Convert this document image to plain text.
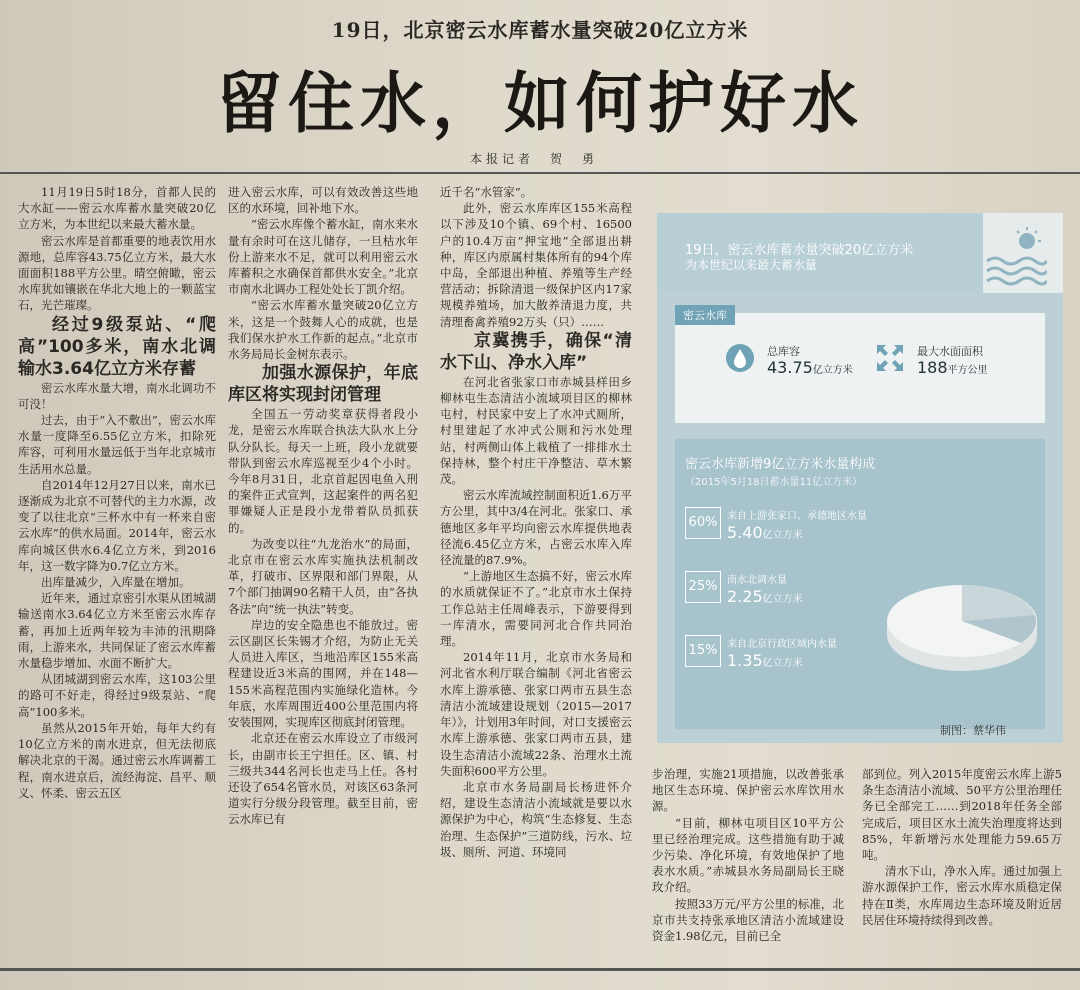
19日，北京密云水库蓄水量突破20亿立方米
留住水，如何护好水
本报记者　贺　勇

11月19日5时18分，首都人民的大水缸——密云水库蓄水量突破20亿立方米，为本世纪以来最大蓄水量。

密云水库是首都重要的地表饮用水源地，总库容43.75亿立方米，最大水面面积188平方公里。晴空俯瞰，密云水库犹如镶嵌在华北大地上的一颗蓝宝石，光芒璀璨。

经过9级泵站、“爬高”100多米，南水北调输水3.64亿立方米存蓄

密云水库水量大增，南水北调功不可没！

过去，由于“入不敷出”，密云水库水量一度降至6.55亿立方米，扣除死库容，可利用水量远低于当年北京城市生活用水总量。

自2014年12月27日以来，南水已逐渐成为北京不可替代的主力水源，改变了以往北京“三杯水中有一杯来自密云水库”的供水局面。2014年，密云水库向城区供水6.4亿立方米，到2016年，这一数字降为0.7亿立方米。

出库量减少，入库量在增加。

近年来，通过京密引水渠从团城湖输送南水3.64亿立方米至密云水库存蓄，再加上近两年较为丰沛的汛期降雨，上游来水，共同保证了密云水库蓄水量稳步增加、水面不断扩大。

从团城湖到密云水库，这103公里的路可不好走，得经过9级泵站、“爬高”100多米。

虽然从2015年开始，每年大约有10亿立方米的南水进京，但无法彻底解决北京的干渴。通过密云水库调蓄工程，南水进京后，流经海淀、昌平、顺义、怀柔、密云五区

进入密云水库，可以有效改善这些地区的水环境，回补地下水。

“密云水库像个蓄水缸，南水来水量有余时可在这儿储存，一旦枯水年份上游来水不足，就可以利用密云水库蓄积之水确保首都供水安全。”北京市南水北调办工程处处长丁凯介绍。

“密云水库蓄水量突破20亿立方米，这是一个鼓舞人心的成就，也是我们保水护水工作新的起点。”北京市水务局局长金树东表示。

加强水源保护，年底库区将实现封闭管理

全国五一劳动奖章获得者段小龙，是密云水库联合执法大队水上分队分队长。每天一上班，段小龙就要带队到密云水库巡视至少4个小时。今年8月31日，北京首起因电鱼入刑的案件正式宣判，这起案件的两名犯罪嫌疑人正是段小龙带着队员抓获的。

为改变以往“九龙治水”的局面，北京市在密云水库实施执法机制改革，打破市、区界限和部门界限，从7个部门抽调90名精干人员，由“各执各法”向“统一执法”转变。

岸边的安全隐患也不能放过。密云区副区长朱锡才介绍，为防止无关人员进入库区，当地沿库区155米高程建设近3米高的围网，并在148—155米高程范围内实施绿化造林。今年底，水库周围近400公里范围内将安装围网，实现库区彻底封闭管理。

北京还在密云水库设立了市级河长，由副市长王宁担任。区、镇、村三级共344名河长也走马上任。各村还设了654名管水员，对该区63条河道实行分级分段管理。截至目前，密云水库已有

近千名“水管家”。

此外，密云水库库区155米高程以下涉及10个镇、69个村、16500户的10.4万亩“押宝地”全部退出耕种，库区内原属村集体所有的94个库中岛，全部退出种植、养殖等生产经营活动；拆除清退一级保护区内17家规模养殖场，加大散养清退力度，共清理畜禽养殖92万头（只）……

京冀携手，确保“清水下山、净水入库”

在河北省张家口市赤城县样田乡柳林屯生态清洁小流域项目区的柳林屯村，村民家中安上了水冲式厕所，村里建起了水冲式公厕和污水处理站，村两侧山体上栽植了一排排水土保持林，整个村庄干净整洁、草木繁茂。

密云水库流域控制面积近1.6万平方公里，其中3/4在河北。张家口、承德地区多年平均向密云水库提供地表径流6.45亿立方米，占密云水库入库径流量的87.9%。

“上游地区生态搞不好，密云水库的水质就保证不了。”北京市水土保持工作总站主任周峰表示，下游要得到一库清水，需要同河北合作共同治理。

2014年11月，北京市水务局和河北省水利厅联合编制《河北省密云水库上游承德、张家口两市五县生态清洁小流域建设规划（2015—2017年）》，计划用3年时间，对口支援密云水库上游承德、张家口两市五县，建设生态清洁小流域22条、治理水土流失面积600平方公里。

北京市水务局副局长杨进怀介绍，建设生态清洁小流域就是要以水源保护为中心，构筑“生态修复、生态治理、生态保护”三道防线，污水、垃圾、厕所、河道、环境同

19日，密云水库蓄水量突破20亿立方米
为本世纪以来最大蓄水量
密云水库
总库容
43.75亿立方米
最大水面面积
188平方公里
密云水库新增9亿立方米水量构成
（2015年5月18日蓄水量11亿立方米）
60% 来自上游张家口、承德地区水量
5.40亿立方米
25% 南水北调水量
2.25亿立方米
15% 来自北京行政区域内水量
1.35亿立方米
制图：蔡华伟

步治理，实施21项措施，以改善张承地区生态环境、保护密云水库饮用水源。

“目前，柳林屯项目区10平方公里已经治理完成。这些措施有助于减少污染、净化环境，有效地保护了地表水水质。”赤城县水务局副局长王晓玫介绍。

按照33万元/平方公里的标准，北京市共支持张承地区清洁小流域建设资金1.98亿元，目前已全

部到位。列入2015年度密云水库上游5条生态清洁小流域、50平方公里治理任务已全部完工……到2018年任务全部完成后，项目区水土流失治理度将达到85%，年新增污水处理能力59.65万吨。

清水下山，净水入库。通过加强上游水源保护工作，密云水库水质稳定保持在Ⅱ类，水库周边生态环境及附近居民居住环境持续得到改善。
